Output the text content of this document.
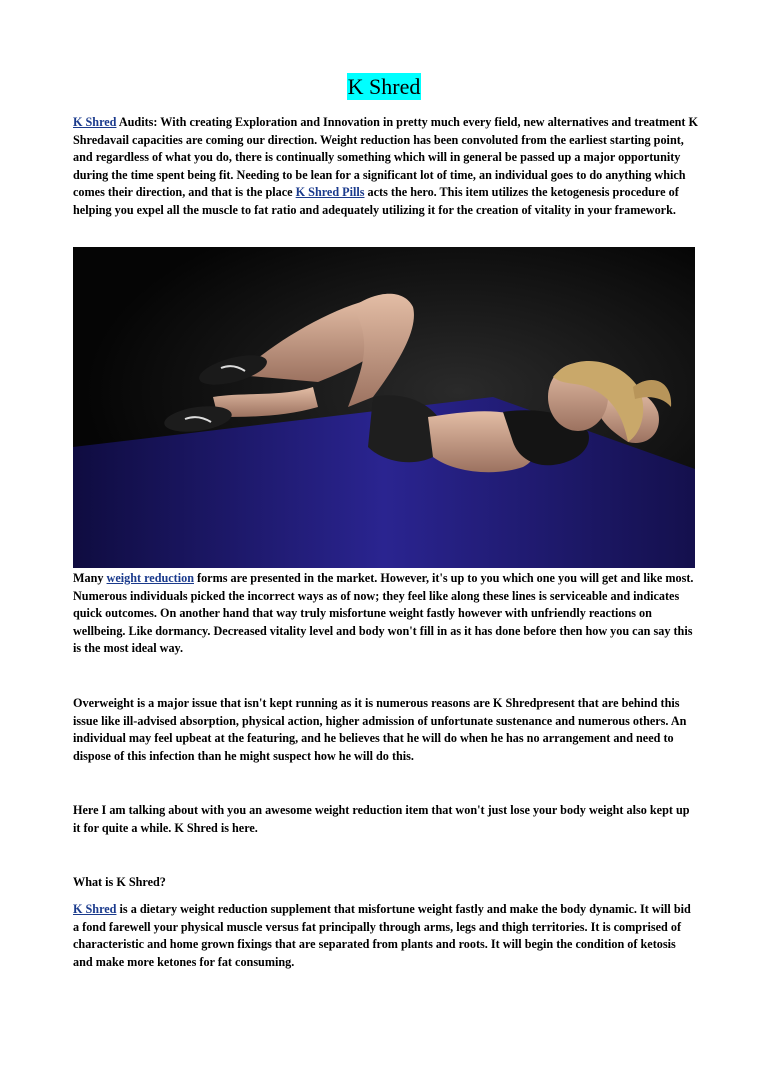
K Shred

K Shred Audits: With creating Exploration and Innovation in pretty much every field, new alternatives and treatment K Shredavail capacities are coming our direction. Weight reduction has been convoluted from the earliest starting point, and regardless of what you do, there is continually something which will in general be passed up a major opportunity during the time spent being fit. Needing to be lean for a significant lot of time, an individual goes to do anything which comes their direction, and that is the place K Shred Pills acts the hero. This item utilizes the ketogenesis procedure of helping you expel all the muscle to fat ratio and adequately utilizing it for the creation of vitality in your framework.

Many weight reduction forms are presented in the market. However, it's up to you which one you will get and like most. Numerous individuals picked the incorrect ways as of now; they feel like along these lines is serviceable and indicates quick outcomes. On another hand that way truly misfortune weight fastly however with unfriendly reactions on wellbeing. Like dormancy. Decreased vitality level and body won't fill in as it has done before then how you can say this is the most ideal way.

Overweight is a major issue that isn't kept running as it is numerous reasons are K Shredpresent that are behind this issue like ill-advised absorption, physical action, higher admission of unfortunate sustenance and numerous others. An individual may feel upbeat at the featuring, and he believes that he will do when he has no arrangement and need to dispose of this infection than he might suspect how he will do this.

Here I am talking about with you an awesome weight reduction item that won't just lose your body weight also kept up it for quite a while. K Shred is here.

What is K Shred?

K Shred is a dietary weight reduction supplement that misfortune weight fastly and make the body dynamic. It will bid a fond farewell your physical muscle versus fat principally through arms, legs and thigh territories. It is comprised of characteristic and home grown fixings that are separated from plants and roots. It will begin the condition of ketosis and make more ketones for fat consuming.
